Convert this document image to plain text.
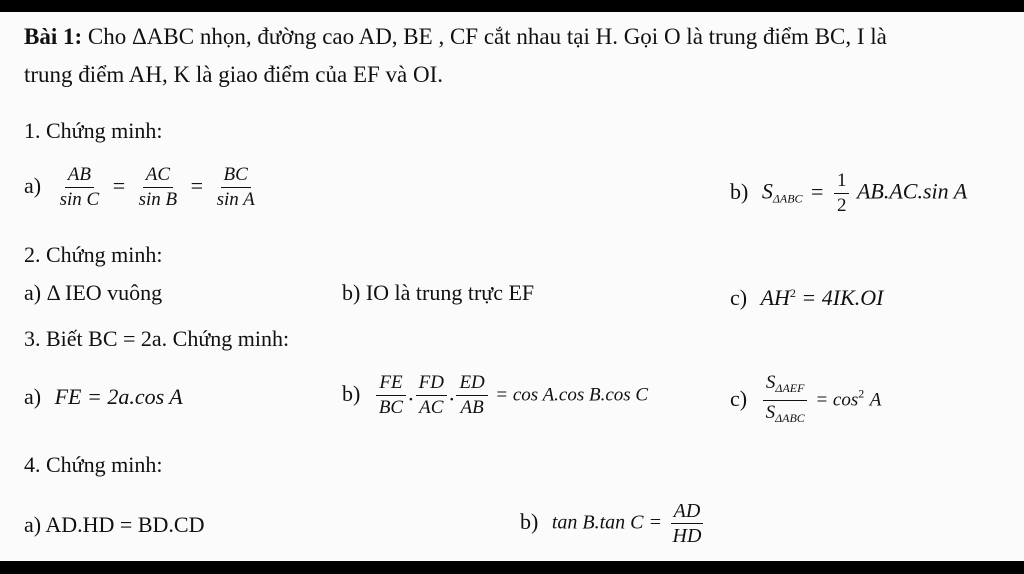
Bài 1: Cho ΔABC nhọn, đường cao AD, BE , CF cắt nhau tại H. Gọi O là trung điểm BC, I là
trung điểm AH, K là giao điểm của EF và OI.
1. Chứng minh:
$a) \frac{AB}{\text{sin C}} = \frac{AC}{\text{sin B}} = \frac{BC}{\text{sin A}}$	b) $S_{\Delta ABC} = \frac{1}{2} AB.AC.\sin$ A
2. Chứng minh:
a) Δ IEO vuông	b) IO là trung trực EF	c) $AH^2 = 4IK.OI$
3. Biết BC = 2a. Chứng minh:
a) FE = 2a.cos A	$b) \frac{FE}{BC}$ . $\frac{FD}{AC}$ . $\frac{ED}{AB} = \cos A.\cos$ B.cos C	$c) \frac{S_{\Delta AEF}}{S_{\Delta ABC}} = \cos^2 A$
4. Chứng minh:
a) AD.HD = BD.CD	b) tan B.tan $C = \frac{AD}{HD}$
